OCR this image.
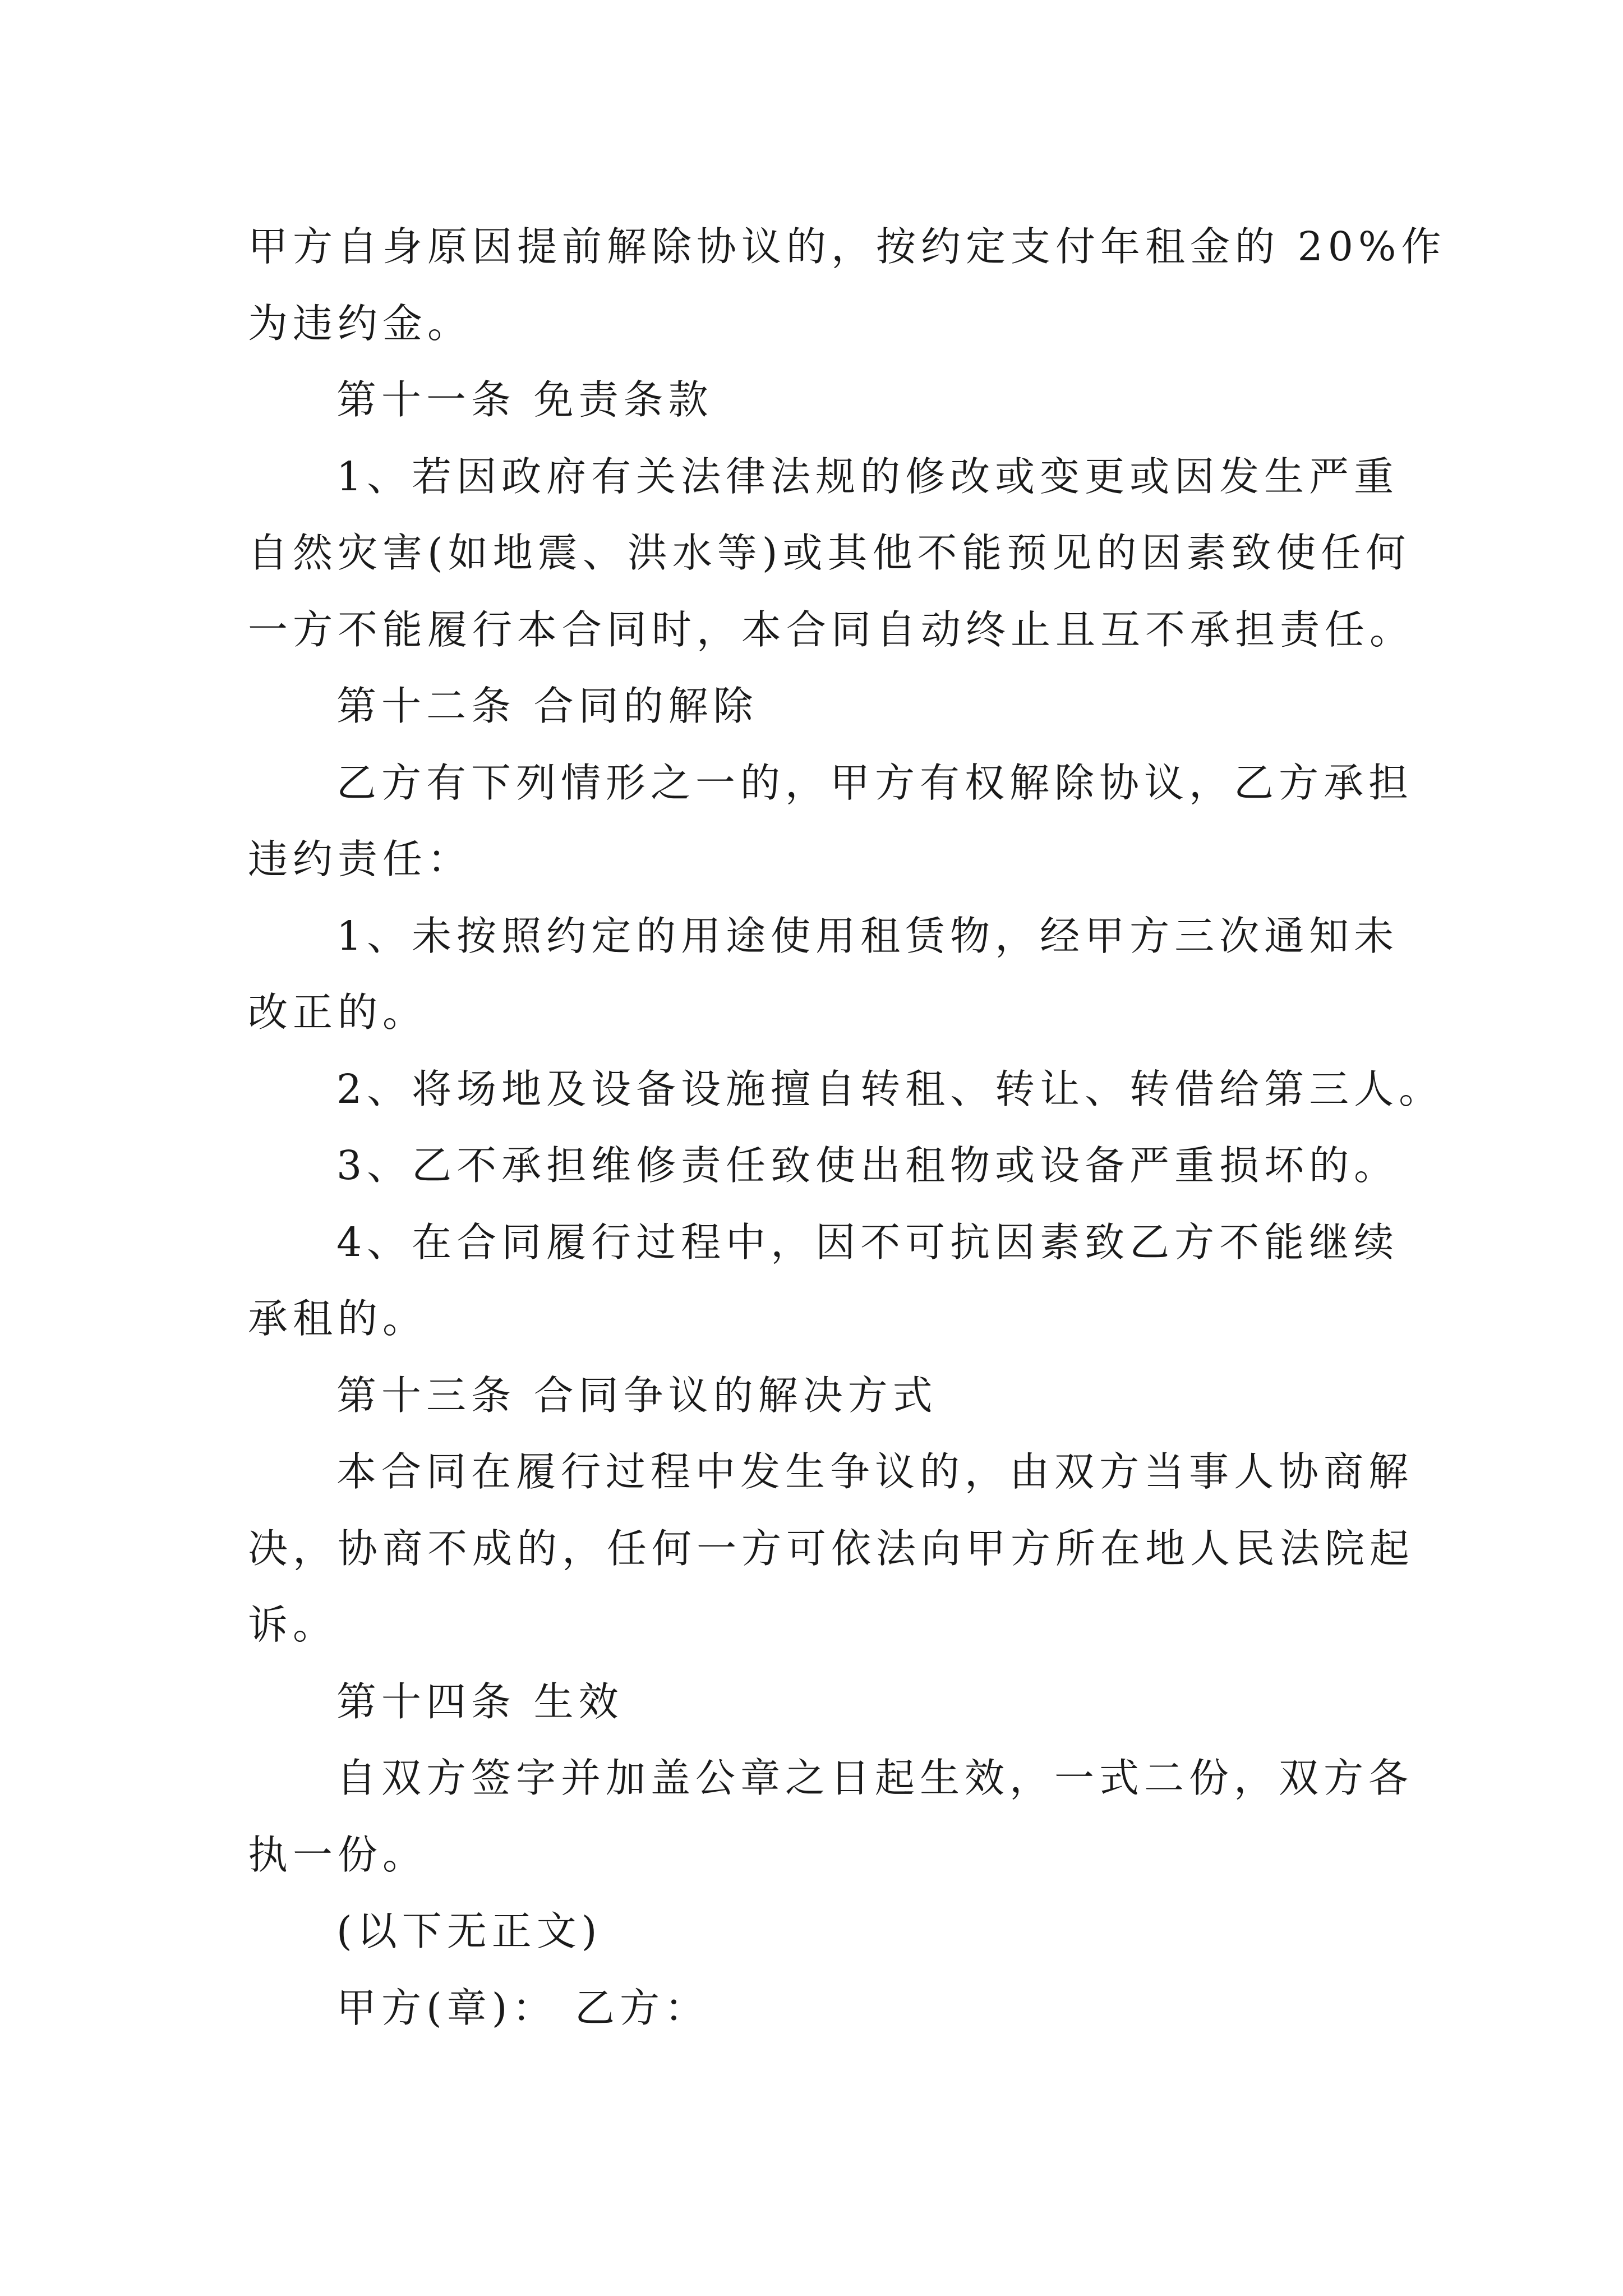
甲方自身原因提前解除协议的，按约定支付年租金的 20%作
为违约金。
第十一条 免责条款
1、若因政府有关法律法规的修改或变更或因发生严重
自然灾害(如地震、洪水等)或其他不能预见的因素致使任何
一方不能履行本合同时，本合同自动终止且互不承担责任。
第十二条 合同的解除
乙方有下列情形之一的，甲方有权解除协议，乙方承担
违约责任：
1、未按照约定的用途使用租赁物，经甲方三次通知未
改正的。
2、将场地及设备设施擅自转租、转让、转借给第三人。
3、乙不承担维修责任致使出租物或设备严重损坏的。
4、在合同履行过程中，因不可抗因素致乙方不能继续
承租的。
第十三条 合同争议的解决方式
本合同在履行过程中发生争议的，由双方当事人协商解
决，协商不成的，任何一方可依法向甲方所在地人民法院起
诉。
第十四条 生效
自双方签字并加盖公章之日起生效，一式二份，双方各
执一份。
(以下无正文)
甲方(章)： 乙方：
